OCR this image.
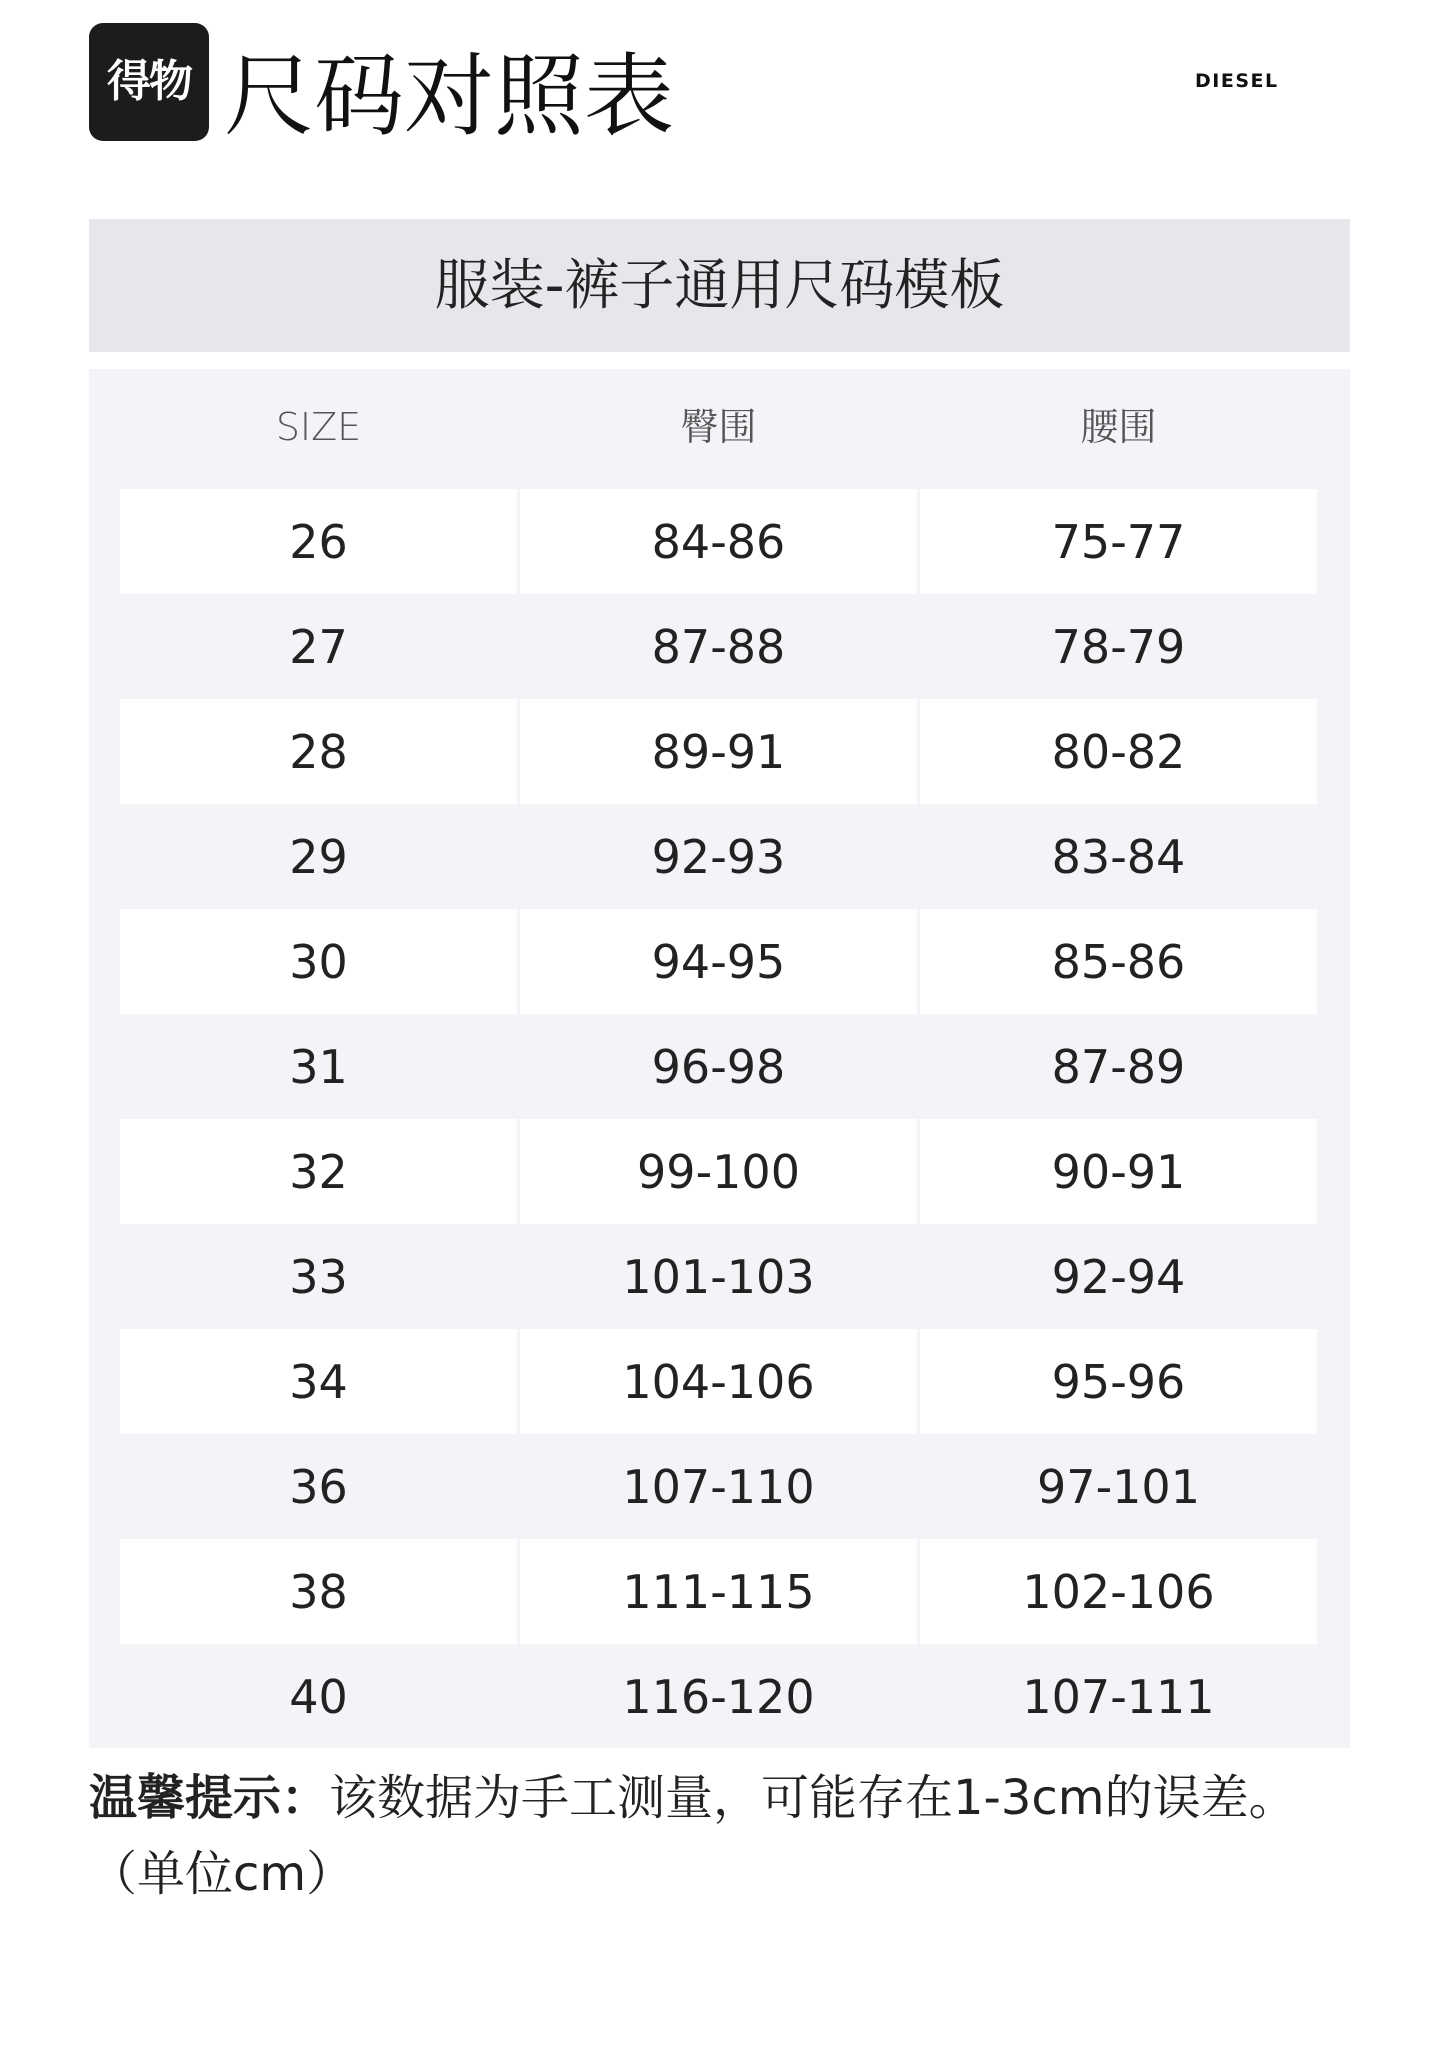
得物 尺码对照表	DIESEL
服装-裤子通用尺码模板
SIZE	臀围	腰围
26	84-86	75-77
27	87-88	78-79
28	89-91	80-82
29	92-93	83-84
30	94-95	85-86
31	96-98	87-89
32	99-100	90-91
33	101-103	92-94
34	104-106	95-96
36	107-110	97-101
38	111-115	102-106
40	116-120	107-111
温馨提示：该数据为手工测量，可能存在1-3cm的误差。
（单位cm）
